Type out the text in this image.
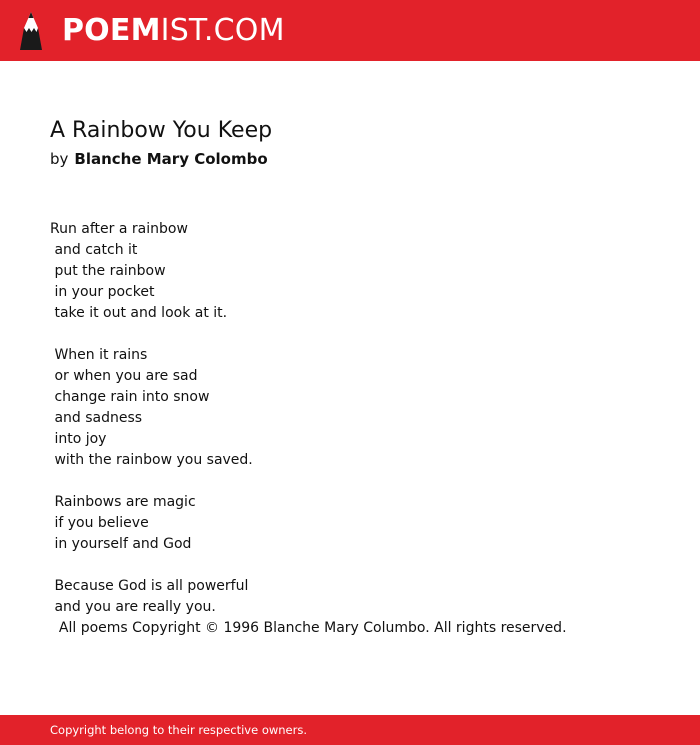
POEMIST.COM
A Rainbow You Keep
by Blanche Mary Colombo
Run after a rainbow
and catch it
put the rainbow
in your pocket
take it out and look at it.
When it rains
or when you are sad
change rain into snow
and sadness
into joy
with the rainbow you saved.
Rainbows are magic
if you believe
in yourself and God
Because God is all powerful
and you are really you.
All poems Copyright © 1996 Blanche Mary Columbo. All rights reserved.
Copyright belong to their respective owners.
